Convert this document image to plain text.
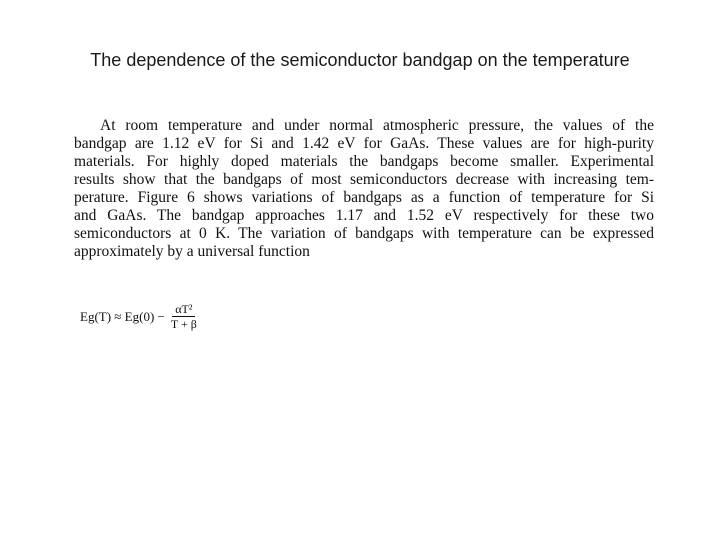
The dependence of the semiconductor bandgap on the temperature
At room temperature and under normal atmospheric pressure, the values of the
bandgap are 1.12 eV for Si and 1.42 eV for GaAs. These values are for high-purity
materials. For highly doped materials the bandgaps become smaller. Experimental
results show that the bandgaps of most semiconductors decrease with increasing tem-
perature. Figure 6 shows variations of bandgaps as a function of temperature for Si
and GaAs. The bandgap approaches 1.17 and 1.52 eV respectively for these two
semiconductors at 0 K. The variation of bandgaps with temperature can be expressed
approximately by a universal function
$Eg(T) \approx Eg(0) - \frac{\text{αT²}}{T + \beta}$
